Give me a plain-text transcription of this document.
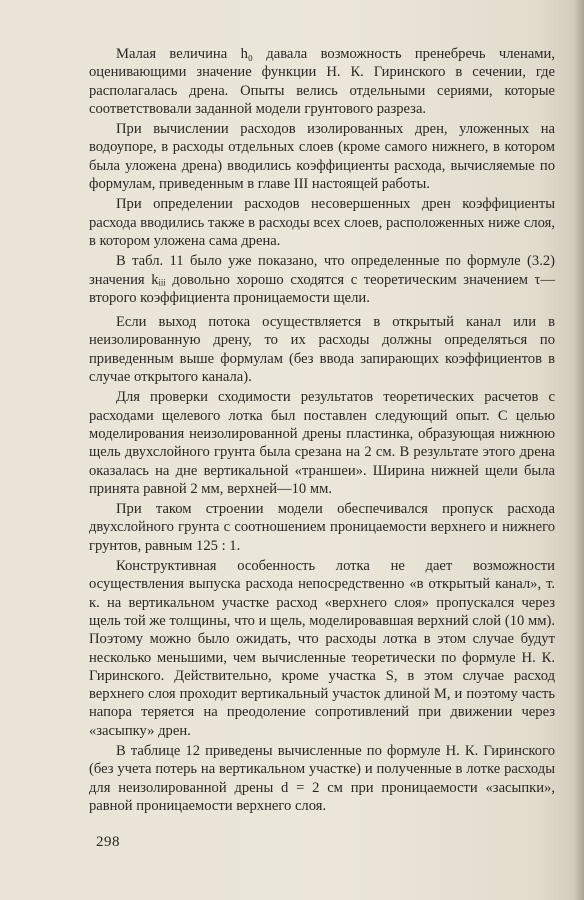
Малая величина h₀ давала возможность пренебречь членами, оценивающими значение функции Н. К. Гиринского в сечении, где располагалась дрена. Опыты велись отдельными сериями, которые соответствовали заданной модели грунтового разреза.

При вычислении расходов изолированных дрен, уложенных на водоупоре, в расходы отдельных слоев (кроме самого нижнего, в котором была уложена дрена) вводились коэффициенты расхода, вычисляемые по формулам, приведенным в главе III настоящей работы.

При определении расходов несовершенных дрен коэффициенты расхода вводились также в расходы всех слоев, расположенных ниже слоя, в котором уложена сама дрена.

В табл. 11 было уже показано, что определенные по формуле (3.2) значения kᵢᵢᵢ довольно хорошо сходятся с теоретическим значением τ—второго коэффициента проницаемости щели.

Если выход потока осуществляется в открытый канал или в неизолированную дрену, то их расходы должны определяться по приведенным выше формулам (без ввода запирающих коэффициентов в случае открытого канала).

Для проверки сходимости результатов теоретических расчетов с расходами щелевого лотка был поставлен следующий опыт. С целью моделирования неизолированной дрены пластинка, образующая нижнюю щель двухслойного грунта была срезана на 2 см. В результате этого дрена оказалась на дне вертикальной «траншеи». Ширина нижней щели была принята равной 2 мм, верхней—10 мм.

При таком строении модели обеспечивался пропуск расхода двухслойного грунта с соотношением проницаемости верхнего и нижнего грунтов, равным 125 : 1.

Конструктивная особенность лотка не дает возможности осуществления выпуска расхода непосредственно «в открытый канал», т. к. на вертикальном участке расход «верхнего слоя» пропускался через щель той же толщины, что и щель, моделировавшая верхний слой (10 мм). Поэтому можно было ожидать, что расходы лотка в этом случае будут несколько меньшими, чем вычисленные теоретически по формуле Н. К. Гиринского. Действительно, кроме участка S, в этом случае расход верхнего слоя проходит вертикальный участок длиной M, и поэтому часть напора теряется на преодоление сопротивлений при движении через «засыпку» дрен.

В таблице 12 приведены вычисленные по формуле Н. К. Гиринского (без учета потерь на вертикальном участке) и полученные в лотке расходы для неизолированной дрены d = 2 см при проницаемости «засыпки», равной проницаемости верхнего слоя.

298
